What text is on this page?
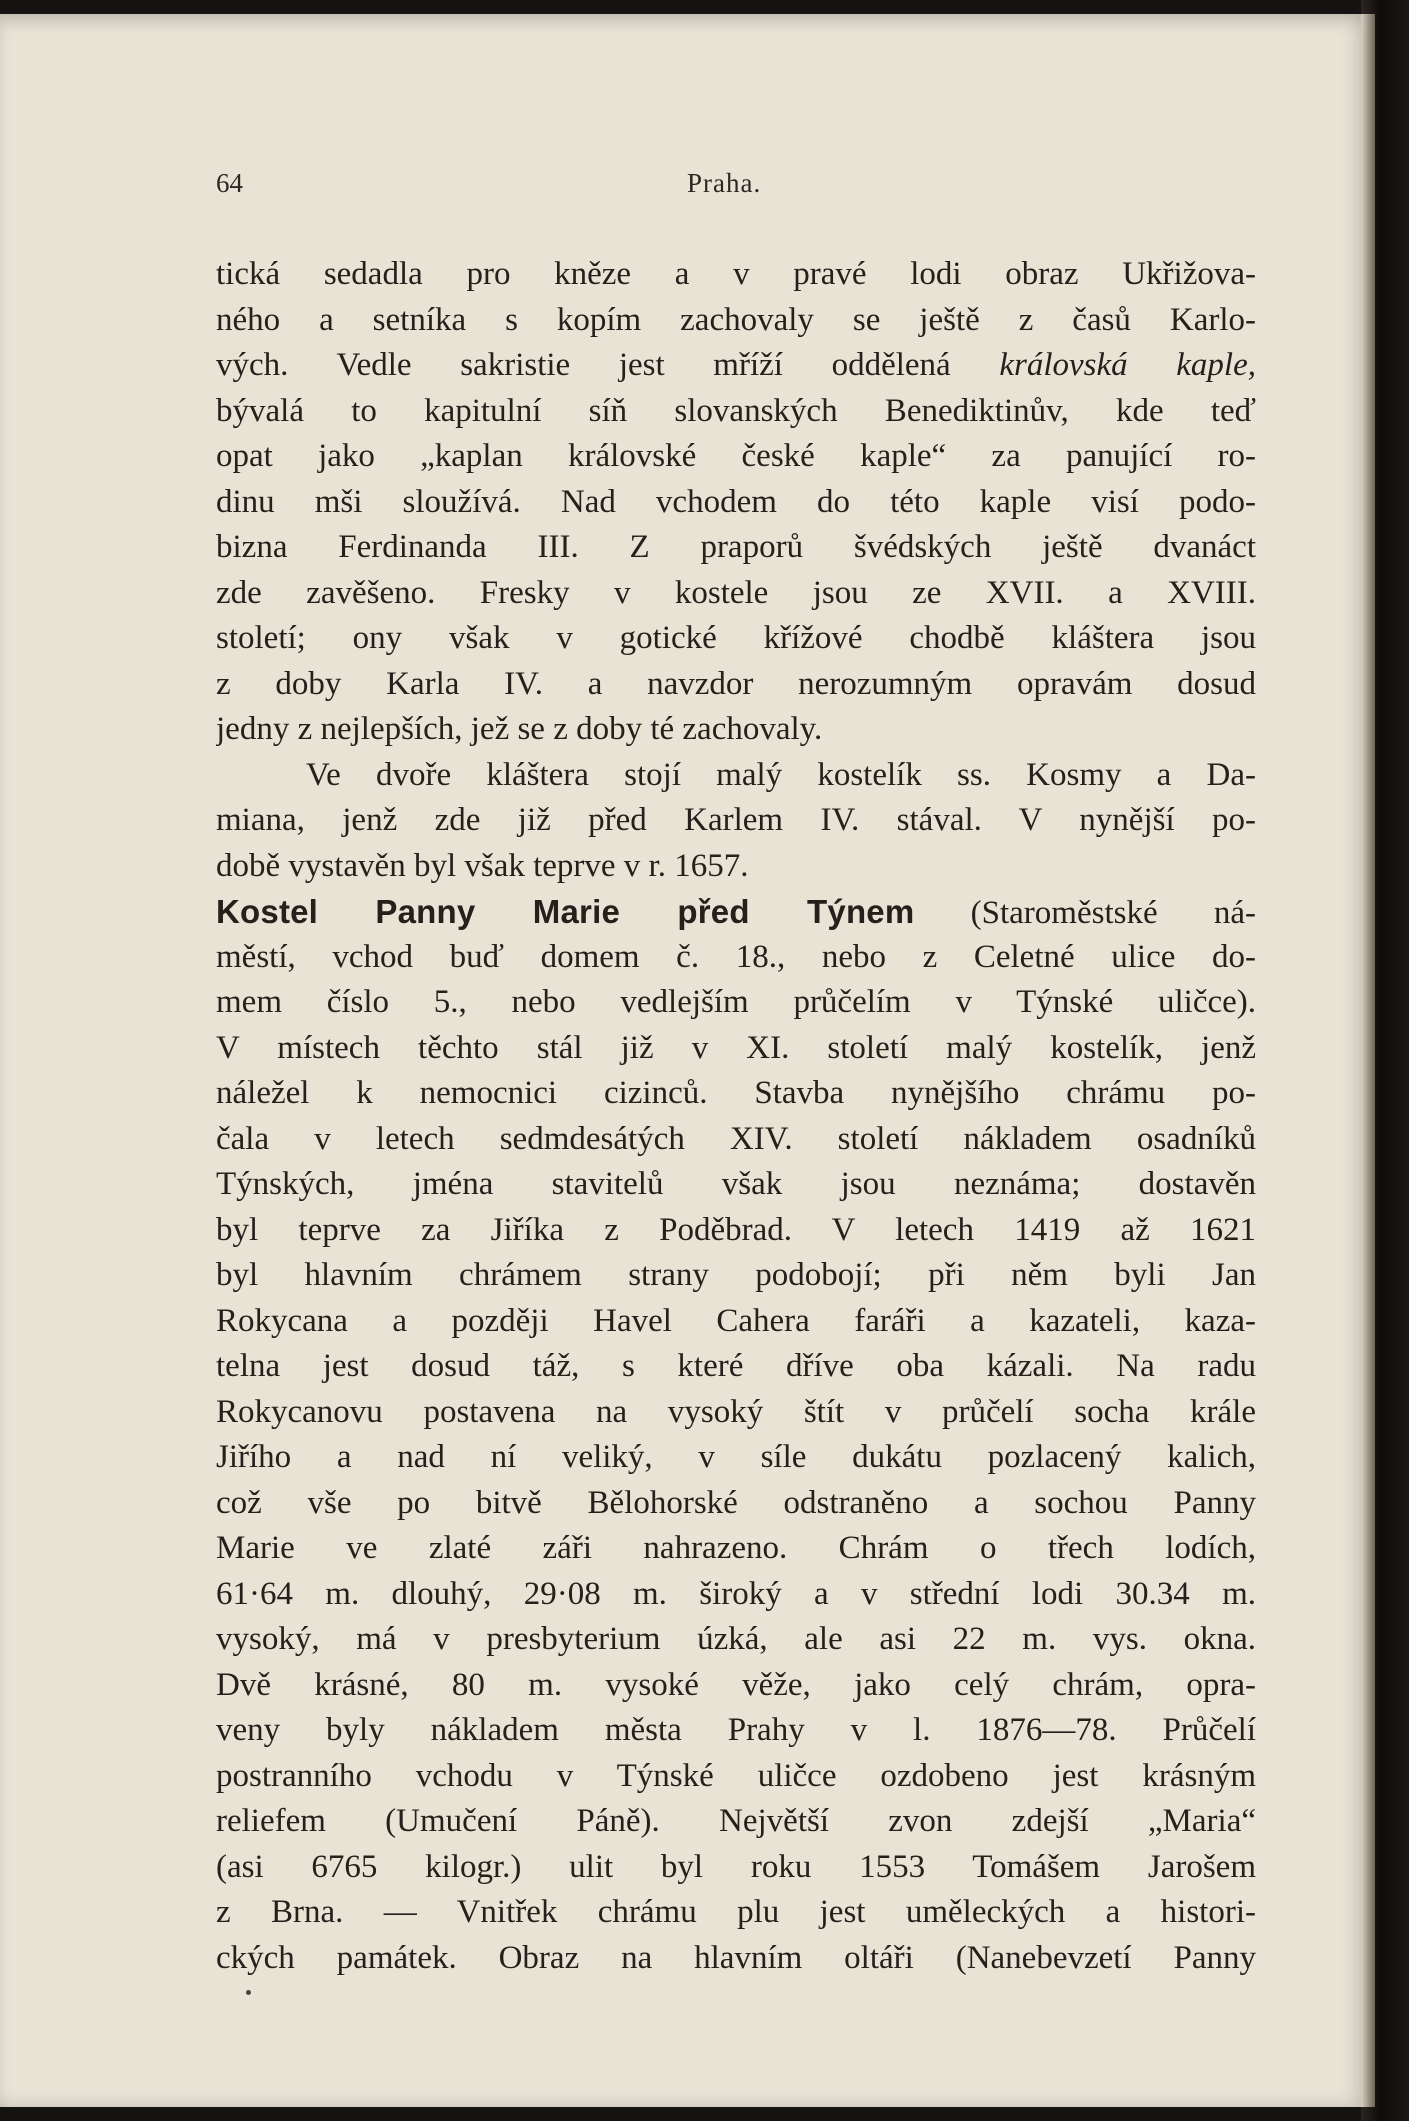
64	Praha.
tická sedadla pro kněze a v pravé lodi obraz Ukřižova-
ného a setníka s kopím zachovaly se ještě z časů Karlo-
vých. Vedle sakristie jest mříží oddělená královská kaple,
bývalá to kapitulní síň slovanských Benediktinův, kde teď
opat jako „kaplan královské české kaple“ za panující ro-
dinu mši sloužívá. Nad vchodem do této kaple visí podo-
bizna Ferdinanda III. Z praporů švédských ještě dvanáct
zde zavěšeno. Fresky v kostele jsou ze XVII. a XVIII.
století; ony však v gotické křížové chodbě kláštera jsou
z doby Karla IV. a navzdor nerozumným opravám dosud
jedny z nejlepších, jež se z doby té zachovaly.
Ve dvoře kláštera stojí malý kostelík ss. Kosmy a Da-
miana, jenž zde již před Karlem IV. stával. V nynější po-
době vystavěn byl však teprve v r. 1657.
Kostel Panny Marie před Týnem (Staroměstské ná-
městí, vchod buď domem č. 18., nebo z Celetné ulice do-
mem číslo 5., nebo vedlejším průčelím v Týnské uličce).
V místech těchto stál již v XI. století malý kostelík, jenž
náležel k nemocnici cizinců. Stavba nynějšího chrámu po-
čala v letech sedmdesátých XIV. století nákladem osadníků
Týnských, jména stavitelů však jsou neznáma; dostavěn
byl teprve za Jiříka z Poděbrad. V letech 1419 až 1621
byl hlavním chrámem strany podobojí; při něm byli Jan
Rokycana a později Havel Cahera faráři a kazateli, kaza-
telna jest dosud táž, s které dříve oba kázali. Na radu
Rokycanovu postavena na vysoký štít v průčelí socha krále
Jiřího a nad ní veliký, v síle dukátu pozlacený kalich,
což vše po bitvě Bělohorské odstraněno a sochou Panny
Marie ve zlaté záři nahrazeno. Chrám o třech lodích,
61·64 m. dlouhý, 29·08 m. široký a v střední lodi 30.34 m.
vysoký, má v presbyterium úzká, ale asi 22 m. vys. okna.
Dvě krásné, 80 m. vysoké věže, jako celý chrám, opra-
veny byly nákladem města Prahy v l. 1876—78. Průčelí
postranního vchodu v Týnské uličce ozdobeno jest krásným
reliefem (Umučení Páně). Největší zvon zdejší „Maria“
(asi 6765 kilogr.) ulit byl roku 1553 Tomášem Jarošem
z Brna. — Vnitřek chrámu plu jest uměleckých a histori-
ckých památek. Obraz na hlavním oltáři (Nanebevzetí Panny
